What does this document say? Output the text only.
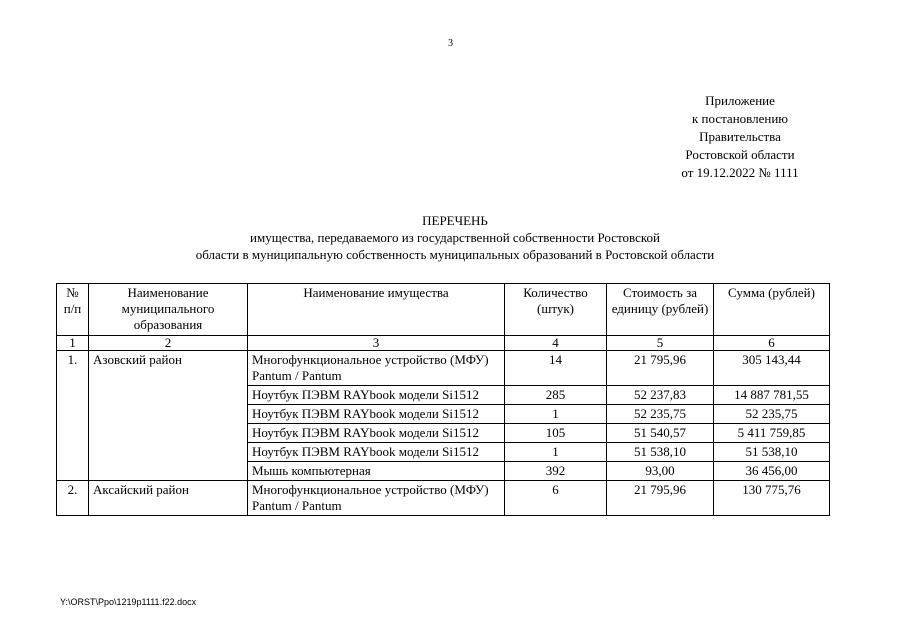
3
Приложение
к постановлению
Правительства
Ростовской области
от 19.12.2022 № 1111
ПЕРЕЧЕНЬ
имущества, передаваемого из государственной собственности Ростовской
области в муниципальную собственность муниципальных образований в Ростовской области
№ п/п	Наименование муниципального образования	Наименование имущества	Количество (штук)	Стоимость за единицу (рублей)	Сумма (рублей)
1	2	3	4	5	6
1.	Азовский район	Многофункциональное устройство (МФУ) Pantum / Pantum	14	21 795,96	305 143,44
		Ноутбук ПЭВМ RAYbook модели Si1512	285	52 237,83	14 887 781,55
		Ноутбук ПЭВМ RAYbook модели Si1512	1	52 235,75	52 235,75
		Ноутбук ПЭВМ RAYbook модели Si1512	105	51 540,57	5 411 759,85
		Ноутбук ПЭВМ RAYbook модели Si1512	1	51 538,10	51 538,10
		Мышь компьютерная	392	93,00	36 456,00
2.	Аксайский район	Многофункциональное устройство (МФУ) Pantum / Pantum	6	21 795,96	130 775,76
Y:\ORST\Ppo\1219p1111.f22.docx
